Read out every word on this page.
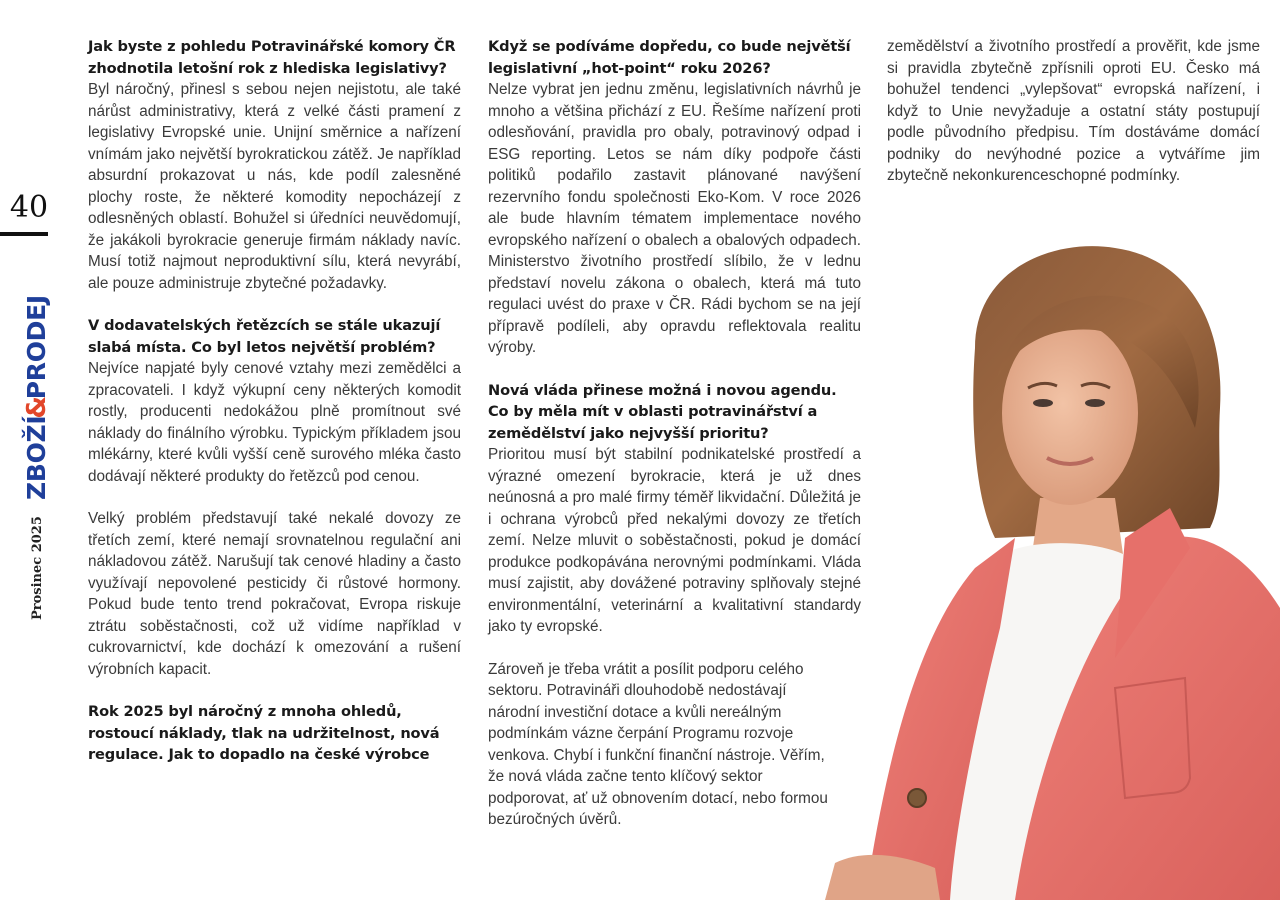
40
ZBOŽÍ&PRODEJ
Prosinec 2025

Jak byste z pohledu Potravinářské komory ČR zhodnotila letošní rok z hlediska legislativy?

Byl náročný, přinesl s sebou nejen nejistotu, ale také nárůst administrativy, která z velké části pramení z legislativy Evropské unie. Unijní směrnice a nařízení vnímám jako největší byrokratickou zátěž. Je například absurdní prokazovat u nás, kde podíl zalesněné plochy roste, že některé komodity nepocházejí z odlesněných oblastí. Bohužel si úředníci neuvědomují, že jakákoli byrokracie generuje firmám náklady navíc. Musí totiž najmout neproduktivní sílu, která nevyrábí, ale pouze administruje zbytečné požadavky.

V dodavatelských řetězcích se stále ukazují slabá místa. Co byl letos největší problém?

Nejvíce napjaté byly cenové vztahy mezi zemědělci a zpracovateli. I když výkupní ceny některých komodit rostly, producenti nedokážou plně promítnout své náklady do finálního výrobku. Typickým příkladem jsou mlékárny, které kvůli vyšší ceně surového mléka často dodávají některé produkty do řetězců pod cenou.

Velký problém představují také nekalé dovozy ze třetích zemí, které nemají srovnatelnou regulační ani nákladovou zátěž. Narušují tak cenové hladiny a často využívají nepovolené pesticidy či růstové hormony. Pokud bude tento trend pokračovat, Evropa riskuje ztrátu soběstačnosti, což už vidíme například v cukrovarnictví, kde dochází k omezování a rušení výrobních kapacit.

Rok 2025 byl náročný z mnoha ohledů, rostoucí náklady, tlak na udržitelnost, nová regulace. Jak to dopadlo na české výrobce

Když se podíváme dopředu, co bude největší legislativní „hot-point“ roku 2026?

Nelze vybrat jen jednu změnu, legislativních návrhů je mnoho a většina přichází z EU. Řešíme nařízení proti odlesňování, pravidla pro obaly, potravinový odpad i ESG reporting. Letos se nám díky podpoře části politiků podařilo zastavit plánované navýšení rezervního fondu společnosti Eko-Kom. V roce 2026 ale bude hlavním tématem implementace nového evropského nařízení o obalech a obalových odpadech. Ministerstvo životního prostředí slíbilo, že v lednu představí novelu zákona o obalech, která má tuto regulaci uvést do praxe v ČR. Rádi bychom se na její přípravě podíleli, aby opravdu reflektovala realitu výroby.

Nová vláda přinese možná i novou agendu. Co by měla mít v oblasti potravinářství a zemědělství jako nejvyšší prioritu?

Prioritou musí být stabilní podnikatelské prostředí a výrazné omezení byrokracie, která je už dnes neúnosná a pro malé firmy téměř likvidační. Důležitá je i ochrana výrobců před nekalými dovozy ze třetích zemí. Nelze mluvit o soběstačnosti, pokud je domácí produkce podkopávána nerovnými podmínkami. Vláda musí zajistit, aby dovážené potraviny splňovaly stejné environmentální, veterinární a kvalitativní standardy jako ty evropské.

Zároveň je třeba vrátit a posílit podporu celého sektoru. Potravináři dlouhodobě nedostávají národní investiční dotace a kvůli nereálným podmínkám vázne čerpání Programu rozvoje venkova. Chybí i funkční finanční nástroje. Věřím, že nová vláda začne tento klíčový sektor podporovat, ať už obnovením dotací, nebo formou bezúročných úvěrů.

zemědělství a životního prostředí a prověřit, kde jsme si pravidla zbytečně zpřísnili oproti EU. Česko má bohužel tendenci „vylepšovat“ evropská nařízení, i když to Unie nevyžaduje a ostatní státy postupují podle původního předpisu. Tím dostáváme domácí podniky do nevýhodné pozice a vytváříme jim zbytečně nekonkurenceschopné podmínky.
